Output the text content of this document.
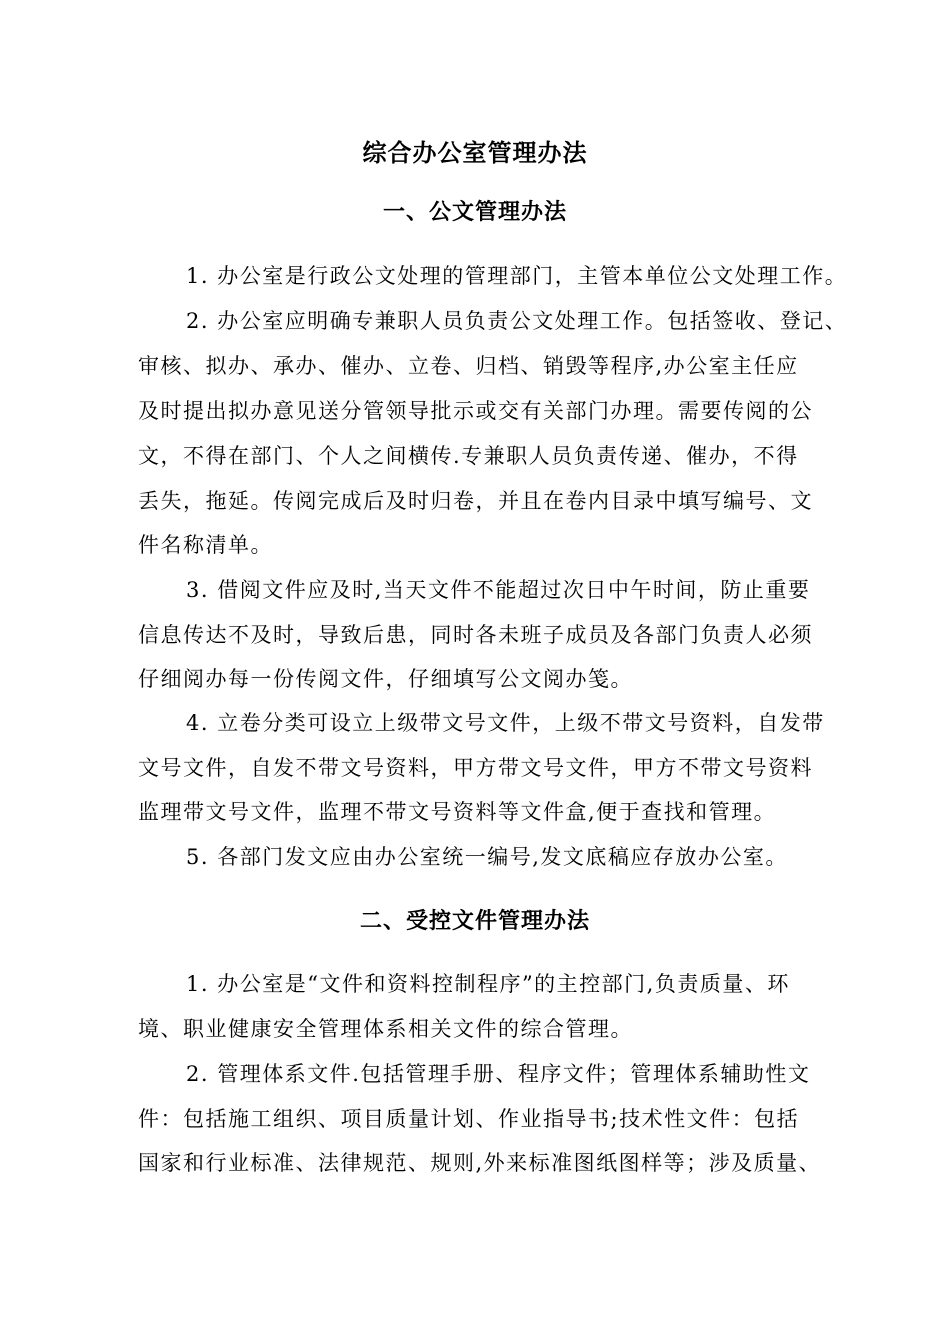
综合办公室管理办法
一、公文管理办法
1. 办公室是行政公文处理的管理部门，主管本单位公文处理工作。
2. 办公室应明确专兼职人员负责公文处理工作。包括签收、登记、
审核、拟办、承办、催办、立卷、归档、销毁等程序,办公室主任应
及时提出拟办意见送分管领导批示或交有关部门办理。需要传阅的公
文，不得在部门、个人之间横传.专兼职人员负责传递、催办，不得
丢失，拖延。传阅完成后及时归卷，并且在卷内目录中填写编号、文
件名称清单。
3. 借阅文件应及时,当天文件不能超过次日中午时间，防止重要
信息传达不及时，导致后患，同时各未班子成员及各部门负责人必须
仔细阅办每一份传阅文件，仔细填写公文阅办笺。
4. 立卷分类可设立上级带文号文件，上级不带文号资料，自发带
文号文件，自发不带文号资料，甲方带文号文件，甲方不带文号资料
监理带文号文件，监理不带文号资料等文件盒,便于查找和管理。
5. 各部门发文应由办公室统一编号,发文底稿应存放办公室。
二、受控文件管理办法
1. 办公室是“文件和资料控制程序”的主控部门,负责质量、环
境、职业健康安全管理体系相关文件的综合管理。
2. 管理体系文件.包括管理手册、程序文件；管理体系辅助性文
件：包括施工组织、项目质量计划、作业指导书;技术性文件：包括
国家和行业标准、法律规范、规则,外来标准图纸图样等；涉及质量、
